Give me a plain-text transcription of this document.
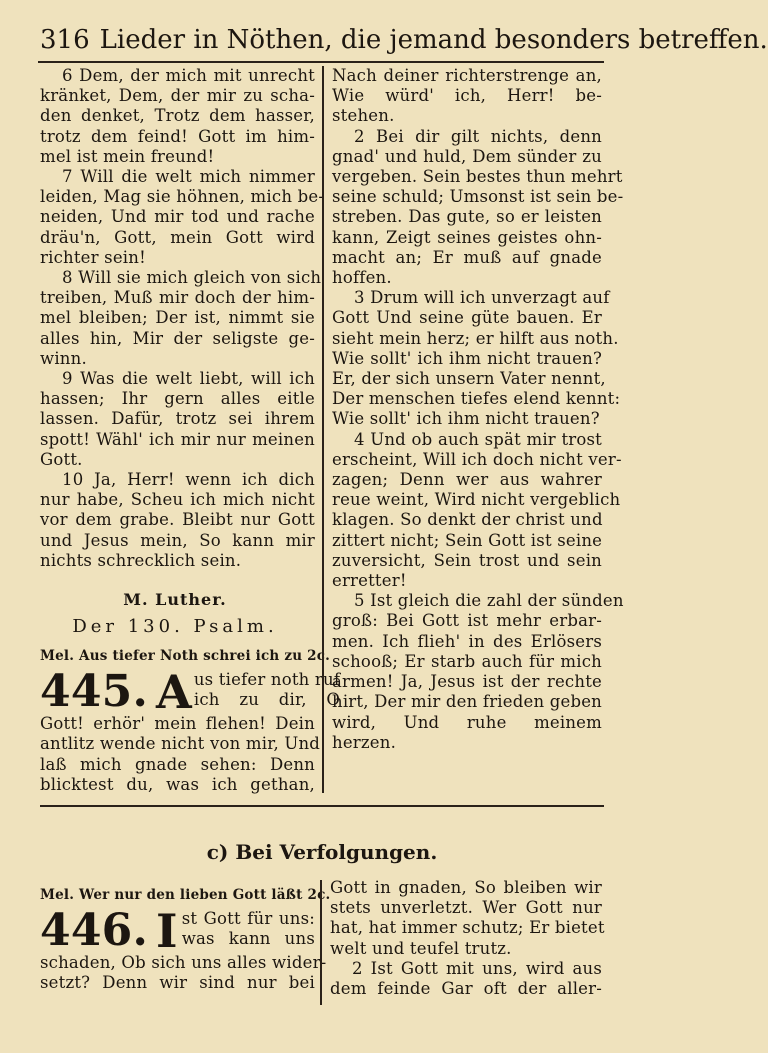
316 Lieder in Nöthen, die jemand besonders betreffen.
6 Dem, der mich mit unrecht
kränket, Dem, der mir zu scha-
den denket, Trotz dem hasser,
trotz dem feind! Gott im him-
mel ist mein freund!
7 Will die welt mich nimmer
leiden, Mag sie höhnen, mich be-
neiden, Und mir tod und rache
dräu'n, Gott, mein Gott wird
richter sein!
8 Will sie mich gleich von sich
treiben, Muß mir doch der him-
mel bleiben; Der ist, nimmt sie
alles hin, Mir der seligste ge-
winn.
9 Was die welt liebt, will ich
hassen; Ihr gern alles eitle
lassen. Dafür, trotz sei ihrem
spott! Wähl' ich mir nur meinen
Gott.
10 Ja, Herr! wenn ich dich
nur habe, Scheu ich mich nicht
vor dem grabe. Bleibt nur Gott
und Jesus mein, So kann mir
nichts schrecklich sein.
M. Luther.
Der 130. Psalm.
Mel. Aus tiefer Noth schrei ich zu 2c.
445. A us tiefer noth ruf
ich zu dir, O
Gott! erhör' mein flehen! Dein
antlitz wende nicht von mir, Und
laß mich gnade sehen: Denn
blicktest du, was ich gethan,
Nach deiner richterstrenge an,
Wie würd' ich, Herr! be-
stehen.
2 Bei dir gilt nichts, denn
gnad' und huld, Dem sünder zu
vergeben. Sein bestes thun mehrt
seine schuld; Umsonst ist sein be-
streben. Das gute, so er leisten
kann, Zeigt seines geistes ohn-
macht an; Er muß auf gnade
hoffen.
3 Drum will ich unverzagt auf
Gott Und seine güte bauen. Er
sieht mein herz; er hilft aus noth.
Wie sollt' ich ihm nicht trauen?
Er, der sich unsern Vater nennt,
Der menschen tiefes elend kennt:
Wie sollt' ich ihm nicht trauen?
4 Und ob auch spät mir trost
erscheint, Will ich doch nicht ver-
zagen; Denn wer aus wahrer
reue weint, Wird nicht vergeblich
klagen. So denkt der christ und
zittert nicht; Sein Gott ist seine
zuversicht, Sein trost und sein
erretter!
5 Ist gleich die zahl der sünden
groß: Bei Gott ist mehr erbar-
men. Ich flieh' in des Erlösers
schooß; Er starb auch für mich
armen! Ja, Jesus ist der rechte
hirt, Der mir den frieden geben
wird, Und ruhe meinem
herzen.
c) Bei Verfolgungen.
Mel. Wer nur den lieben Gott läßt 2c.
446. I st Gott für uns:
was kann uns
schaden, Ob sich uns alles wider-
setzt? Denn wir sind nur bei
Gott in gnaden, So bleiben wir
stets unverletzt. Wer Gott nur
hat, hat immer schutz; Er bietet
welt und teufel trutz.
2 Ist Gott mit uns, wird aus
dem feinde Gar oft der aller-
